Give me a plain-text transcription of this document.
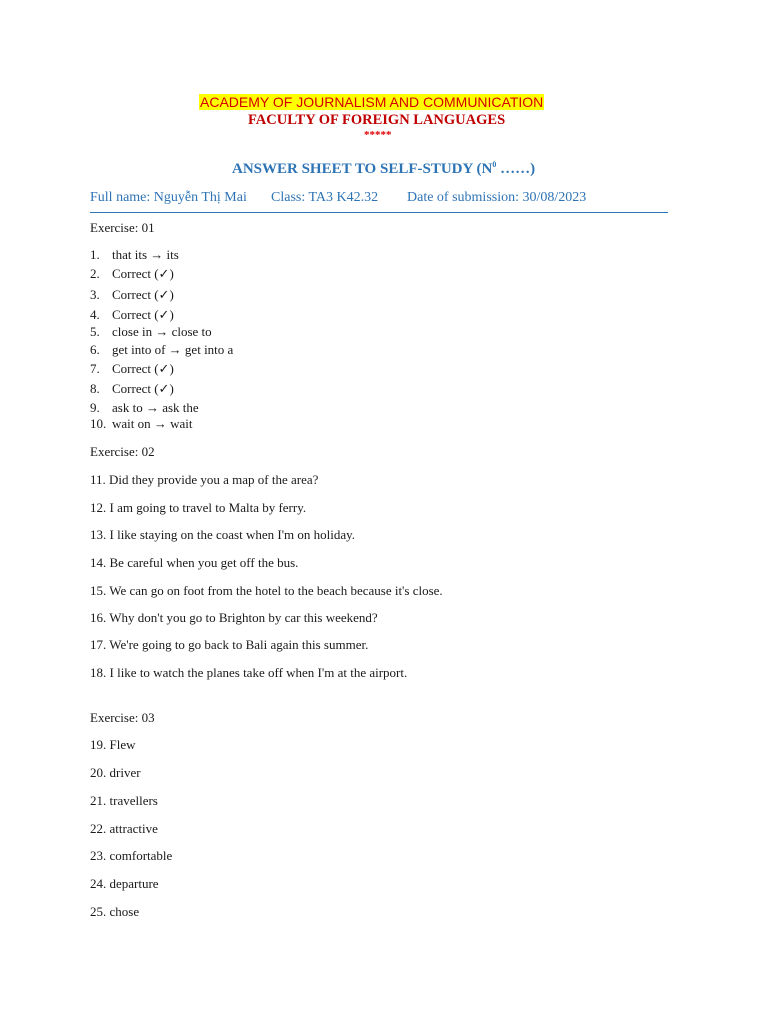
ACADEMY OF JOURNALISM AND COMMUNICATION
FACULTY OF FOREIGN LANGUAGES
*****
ANSWER SHEET TO SELF-STUDY ($N^0$ ……)
Full name: Nguyễn Thị Mai Class: TA3 K42.32 Date of submission: 30/08/2023
Exercise: 01
1. that its → its
2. Correct (✓)
3. Correct (✓)
4. Correct (✓)
5. close in → close to
6. get into of → get into a
7. Correct (✓)
8. Correct (✓)
9. ask to → ask the
10. wait on → wait
Exercise: 02
11. Did they provide you a map of the area?
12. I am going to travel to Malta by ferry.
13. I like staying on the coast when I'm on holiday.
14. Be careful when you get off the bus.
15. We can go on foot from the hotel to the beach because it's close.
16. Why don't you go to Brighton by car this weekend?
17. We're going to go back to Bali again this summer.
18. I like to watch the planes take off when I'm at the airport.
Exercise: 03
19. Flew
20. driver
21. travellers
22. attractive
23. comfortable
24. departure
25. chose
